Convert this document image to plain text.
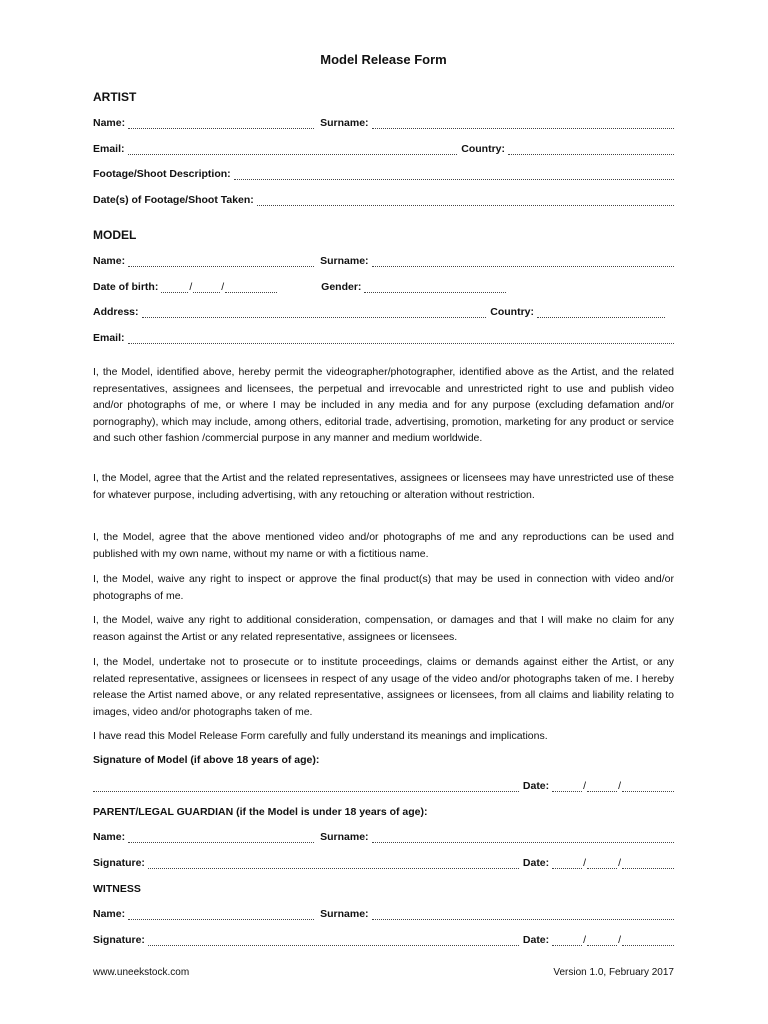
Model Release Form
ARTIST
Name:	Surname:
Email:	Country:
Footage/Shoot Description:
Date(s) of Footage/Shoot Taken:
MODEL
Name:	Surname:
Date of birth:	/	/	Gender:
Address:	Country:
Email:
I, the Model, identified above, hereby permit the videographer/photographer, identified above as the Artist, and the related representatives, assignees and licensees, the perpetual and irrevocable and unrestricted right to use and publish video and/or photographs of me, or where I may be included in any media and for any purpose (excluding defamation and/or pornography), which may include, among others, editorial trade, advertising, promotion, marketing for any product or service and such other fashion /commercial purpose in any manner and medium worldwide.
I, the Model, agree that the Artist and the related representatives, assignees or licensees may have unrestricted use of these for whatever purpose, including advertising, with any retouching or alteration without restriction.
I, the Model, agree that the above mentioned video and/or photographs of me and any reproductions can be used and published with my own name, without my name or with a fictitious name.
I, the Model, waive any right to inspect or approve the final product(s) that may be used in connection with video and/or photographs of me.
I, the Model, waive any right to additional consideration, compensation, or damages and that I will make no claim for any reason against the Artist or any related representative, assignees or licensees.
I, the Model, undertake not to prosecute or to institute proceedings, claims or demands against either the Artist, or any related representative, assignees or licensees in respect of any usage of the video and/or photographs taken of me. I hereby release the Artist named above, or any related representative, assignees or licensees, from all claims and liability relating to images, video and/or photographs taken of me.
I have read this Model Release Form carefully and fully understand its meanings and implications.
Signature of Model (if above 18 years of age):
Date:	/	/
PARENT/LEGAL GUARDIAN (if the Model is under 18 years of age):
Name:	Surname:
Signature:	Date:	/	/
WITNESS
Name:	Surname:
Signature:	Date:	/	/
www.uneekstock.com	Version 1.0, February 2017
